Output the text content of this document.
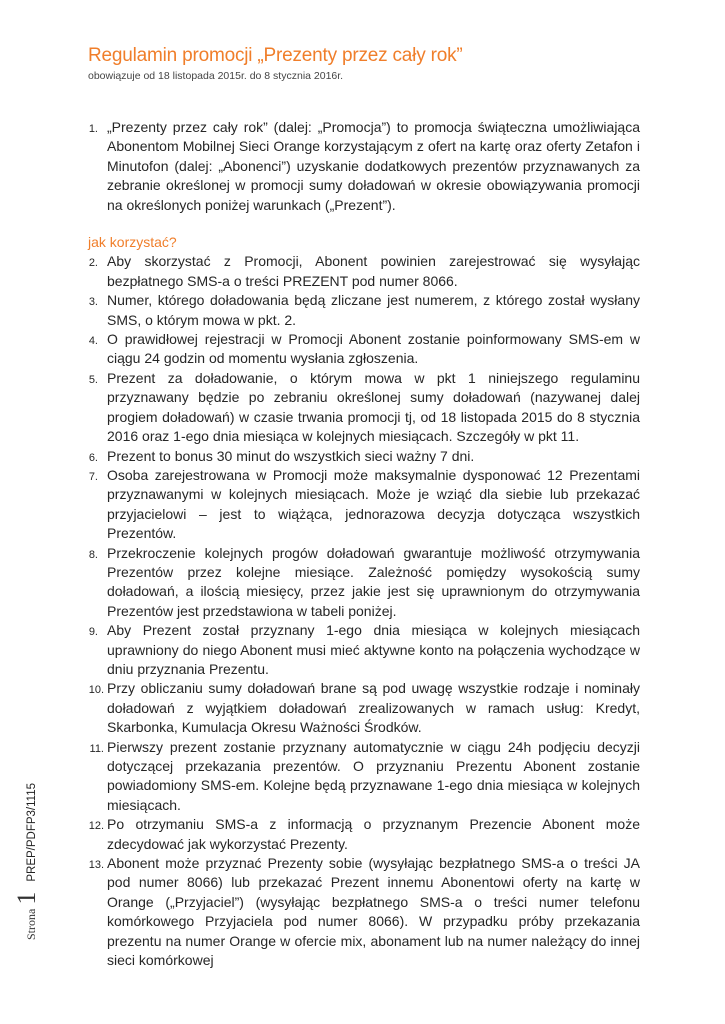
Regulamin promocji „Prezenty przez cały rok”
obowiązuje od 18 listopada 2015r. do 8 stycznia 2016r.
1. „Prezenty przez cały rok” (dalej: „Promocja”) to promocja świąteczna umożliwiająca Abonentom Mobilnej Sieci Orange korzystającym z ofert na kartę oraz oferty Zetafon i Minutofon (dalej: „Abonenci”) uzyskanie dodatkowych prezentów przyznawanych za zebranie określonej w promocji sumy doładowań w okresie obowiązywania promocji na określonych poniżej warunkach („Prezent”).
jak korzystać?
2. Aby skorzystać z Promocji, Abonent powinien zarejestrować się wysyłając bezpłatnego SMS-a o treści PREZENT pod numer 8066.
3. Numer, którego doładowania będą zliczane jest numerem, z którego został wysłany SMS, o którym mowa w pkt. 2.
4. O prawidłowej rejestracji w Promocji Abonent zostanie poinformowany SMS-em w ciągu 24 godzin od momentu wysłania zgłoszenia.
5. Prezent za doładowanie, o którym mowa w pkt 1 niniejszego regulaminu przyznawany będzie po zebraniu określonej sumy doładowań (nazywanej dalej progiem doładowań) w czasie trwania promocji tj, od 18 listopada 2015 do 8 stycznia 2016 oraz 1-ego dnia miesiąca w kolejnych miesiącach. Szczegóły w pkt 11.
6. Prezent to bonus 30 minut do wszystkich sieci ważny 7 dni.
7. Osoba zarejestrowana w Promocji może maksymalnie dysponować 12 Prezentami przyznawanymi w kolejnych miesiącach. Może je wziąć dla siebie lub przekazać przyjacielowi – jest to wiążąca, jednorazowa decyzja dotycząca wszystkich Prezentów.
8. Przekroczenie kolejnych progów doładowań gwarantuje możliwość otrzymywania Prezentów przez kolejne miesiące. Zależność pomiędzy wysokością sumy doładowań, a ilością miesięcy, przez jakie jest się uprawnionym do otrzymywania Prezentów jest przedstawiona w tabeli poniżej.
9. Aby Prezent został przyznany 1-ego dnia miesiąca w kolejnych miesiącach uprawniony do niego Abonent musi mieć aktywne konto na połączenia wychodzące w dniu przyznania Prezentu.
10. Przy obliczaniu sumy doładowań brane są pod uwagę wszystkie rodzaje i nominały doładowań z wyjątkiem doładowań zrealizowanych w ramach usług: Kredyt, Skarbonka, Kumulacja Okresu Ważności Środków.
11. Pierwszy prezent zostanie przyznany automatycznie w ciągu 24h podjęciu decyzji dotyczącej przekazania prezentów. O przyznaniu Prezentu Abonent zostanie powiadomiony SMS-em. Kolejne będą przyznawane 1-ego dnia miesiąca w kolejnych miesiącach.
12. Po otrzymaniu SMS-a z informacją o przyznanym Prezencie Abonent może zdecydować jak wykorzystać Prezenty.
13. Abonent może przyznać Prezenty sobie (wysyłając bezpłatnego SMS-a o treści JA pod numer 8066) lub przekazać Prezent innemu Abonentowi oferty na kartę w Orange („Przyjaciel”) (wysyłając bezpłatnego SMS-a o treści numer telefonu komórkowego Przyjaciela pod numer 8066). W przypadku próby przekazania prezentu na numer Orange w ofercie mix, abonament lub na numer należący do innej sieci komórkowej
Strona
1
PREP/PDFP3/1115
